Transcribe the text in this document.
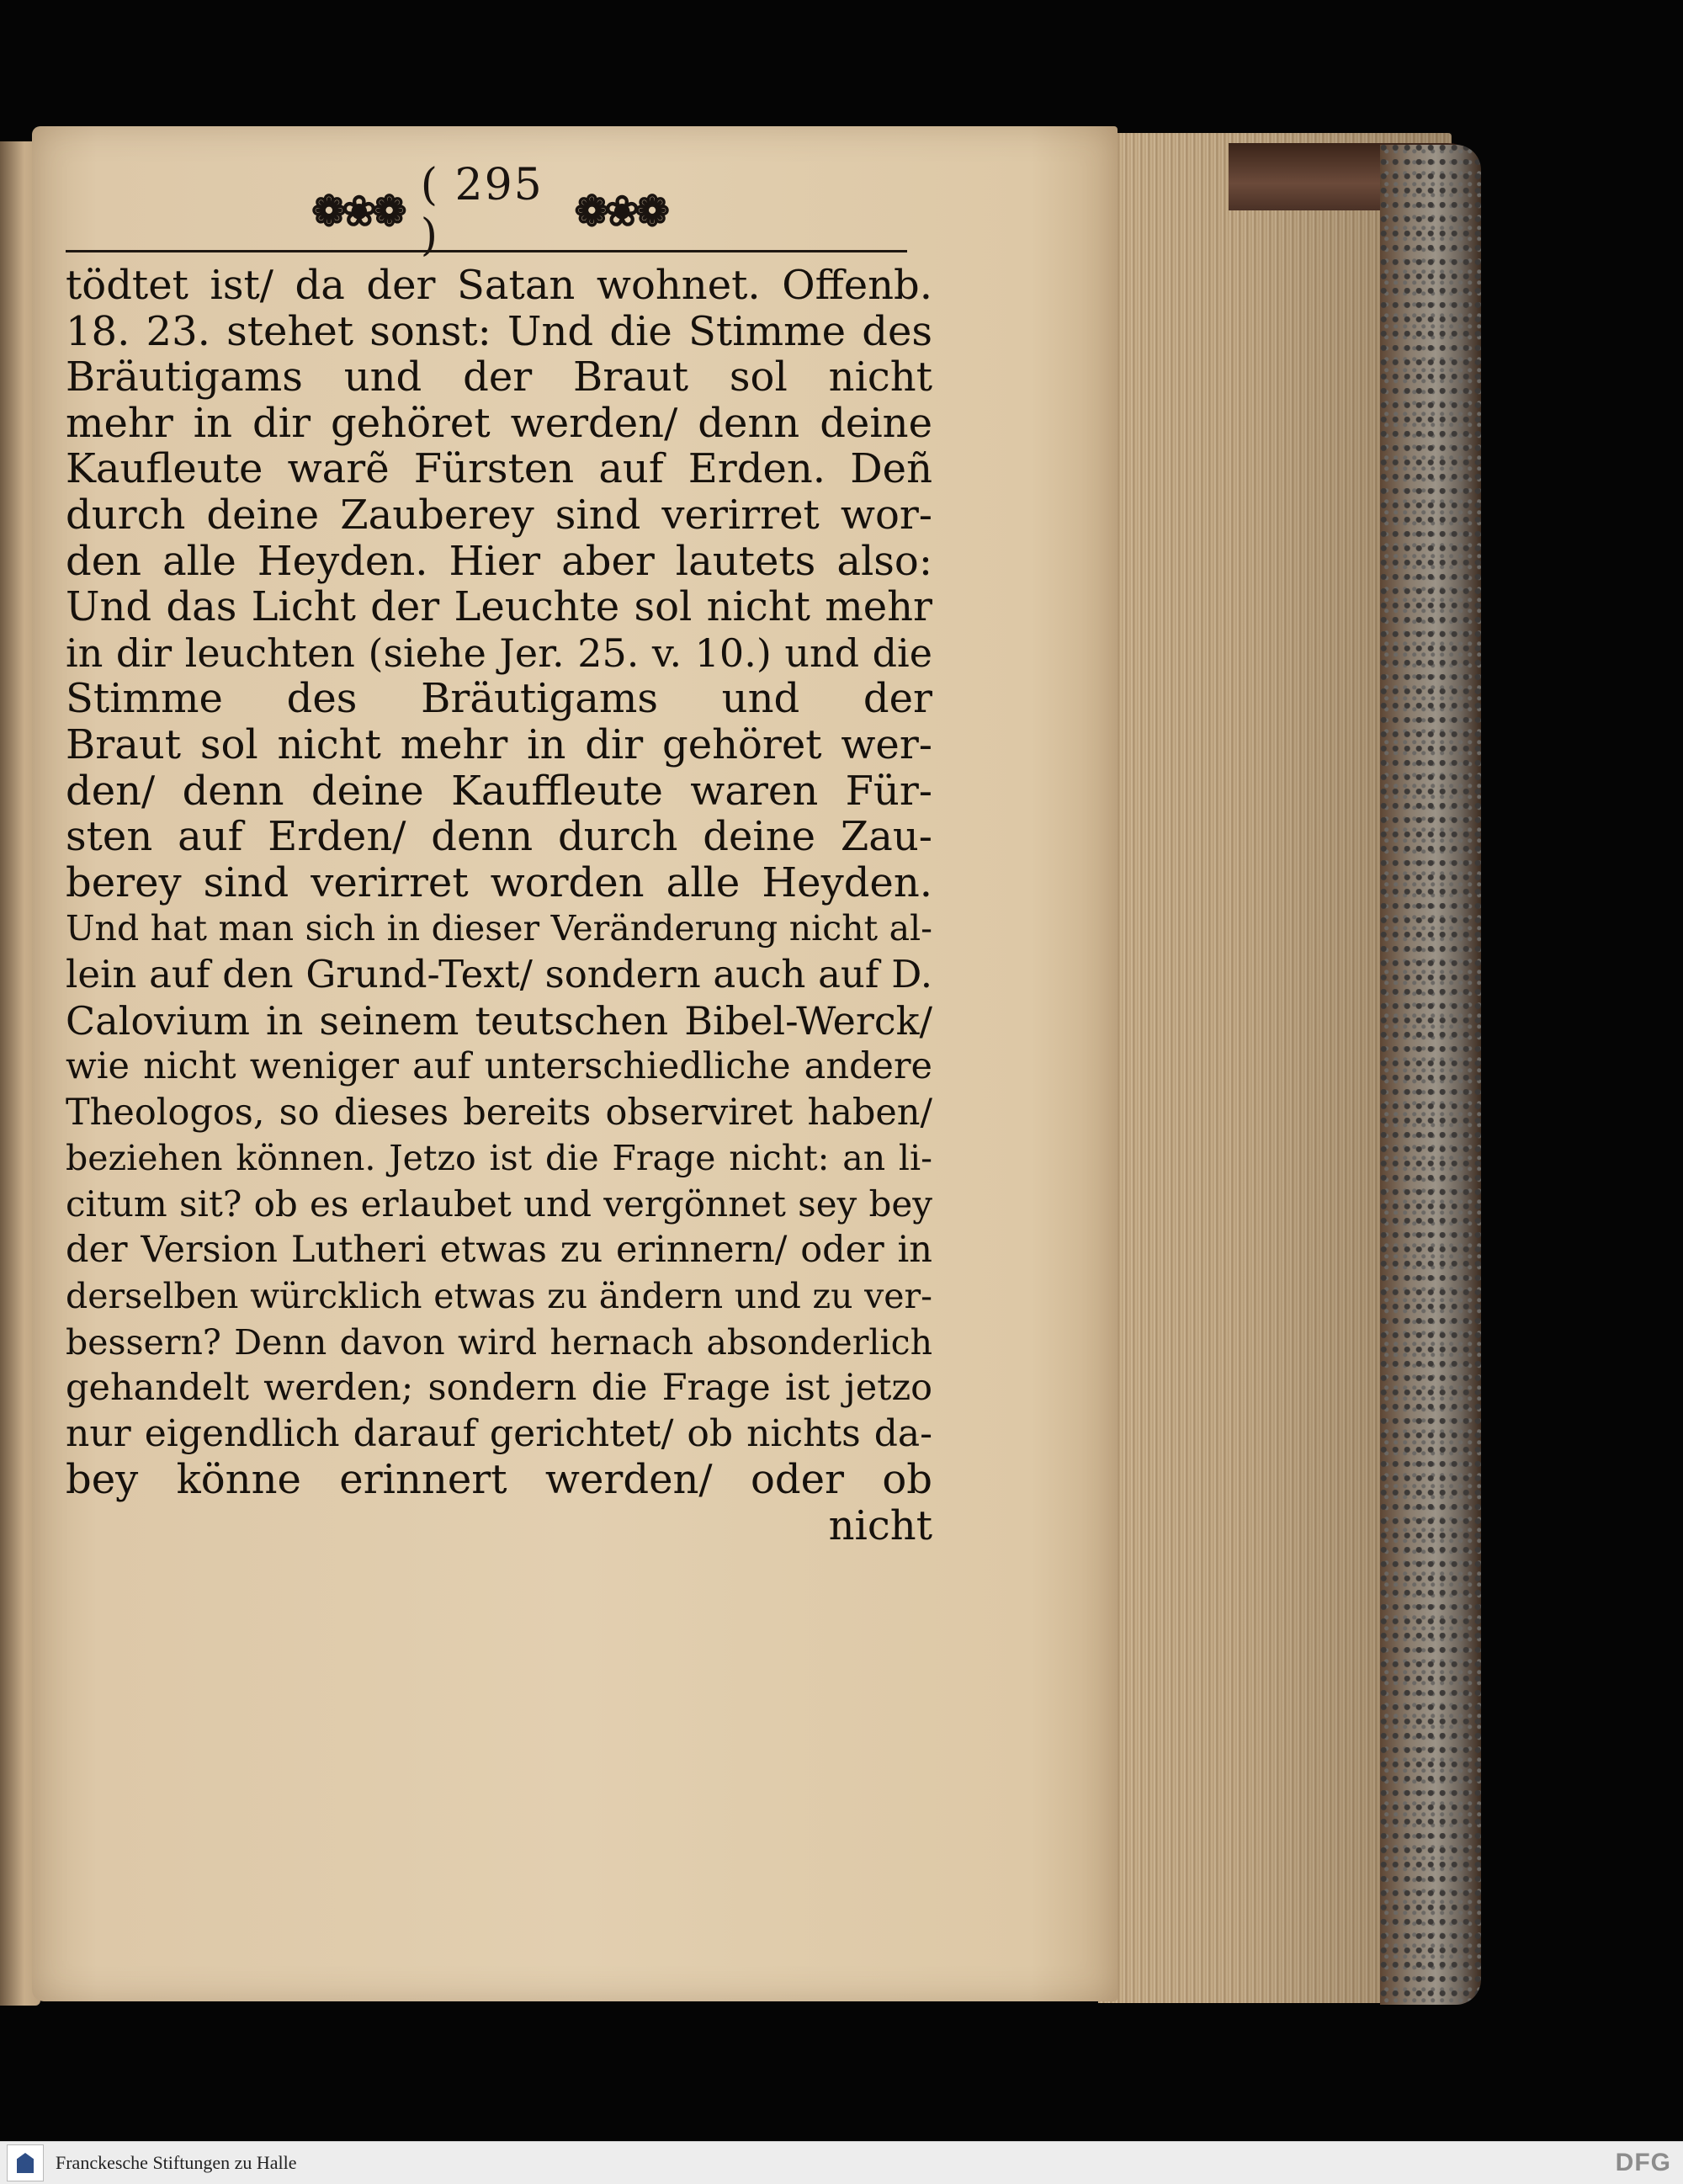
❁❀❁ ( 295 )	❁❀❁
tödtet ist/ da der Satan wohnet. Offenb.
18. 23. stehet sonst: Und die Stimme des
Bräutigams und der Braut sol nicht
mehr in dir gehöret werden/ denn deine
Kaufleute warẽ Fürsten auf Erden. Deñ
durch deine Zauberey sind verirret wor-
den alle Heyden. Hier aber lautets also:
Und das Licht der Leuchte sol nicht mehr
in dir leuchten (siehe Jer. 25. v. 10.) und die
Stimme des Bräutigams und der
Braut sol nicht mehr in dir gehöret wer-
den/ denn deine Kauffleute waren Für-
sten auf Erden/ denn durch deine Zau-
berey sind verirret worden alle Heyden.
Und hat man sich in dieser Veränderung nicht al-
lein auf den Grund-Text/ sondern auch auf D.
Calovium in seinem teutschen Bibel-Werck/
wie nicht weniger auf unterschiedliche andere
Theologos, so dieses bereits observiret haben/
beziehen können. Jetzo ist die Frage nicht: an li-
citum sit? ob es erlaubet und vergönnet sey bey
der Version Lutheri etwas zu erinnern/ oder in
derselben würcklich etwas zu ändern und zu ver-
bessern? Denn davon wird hernach absonderlich
gehandelt werden; sondern die Frage ist jetzo
nur eigendlich darauf gerichtet/ ob nichts da-
bey könne erinnert werden/ oder ob
nicht
Franckesche Stiftungen zu Halle	DFG
